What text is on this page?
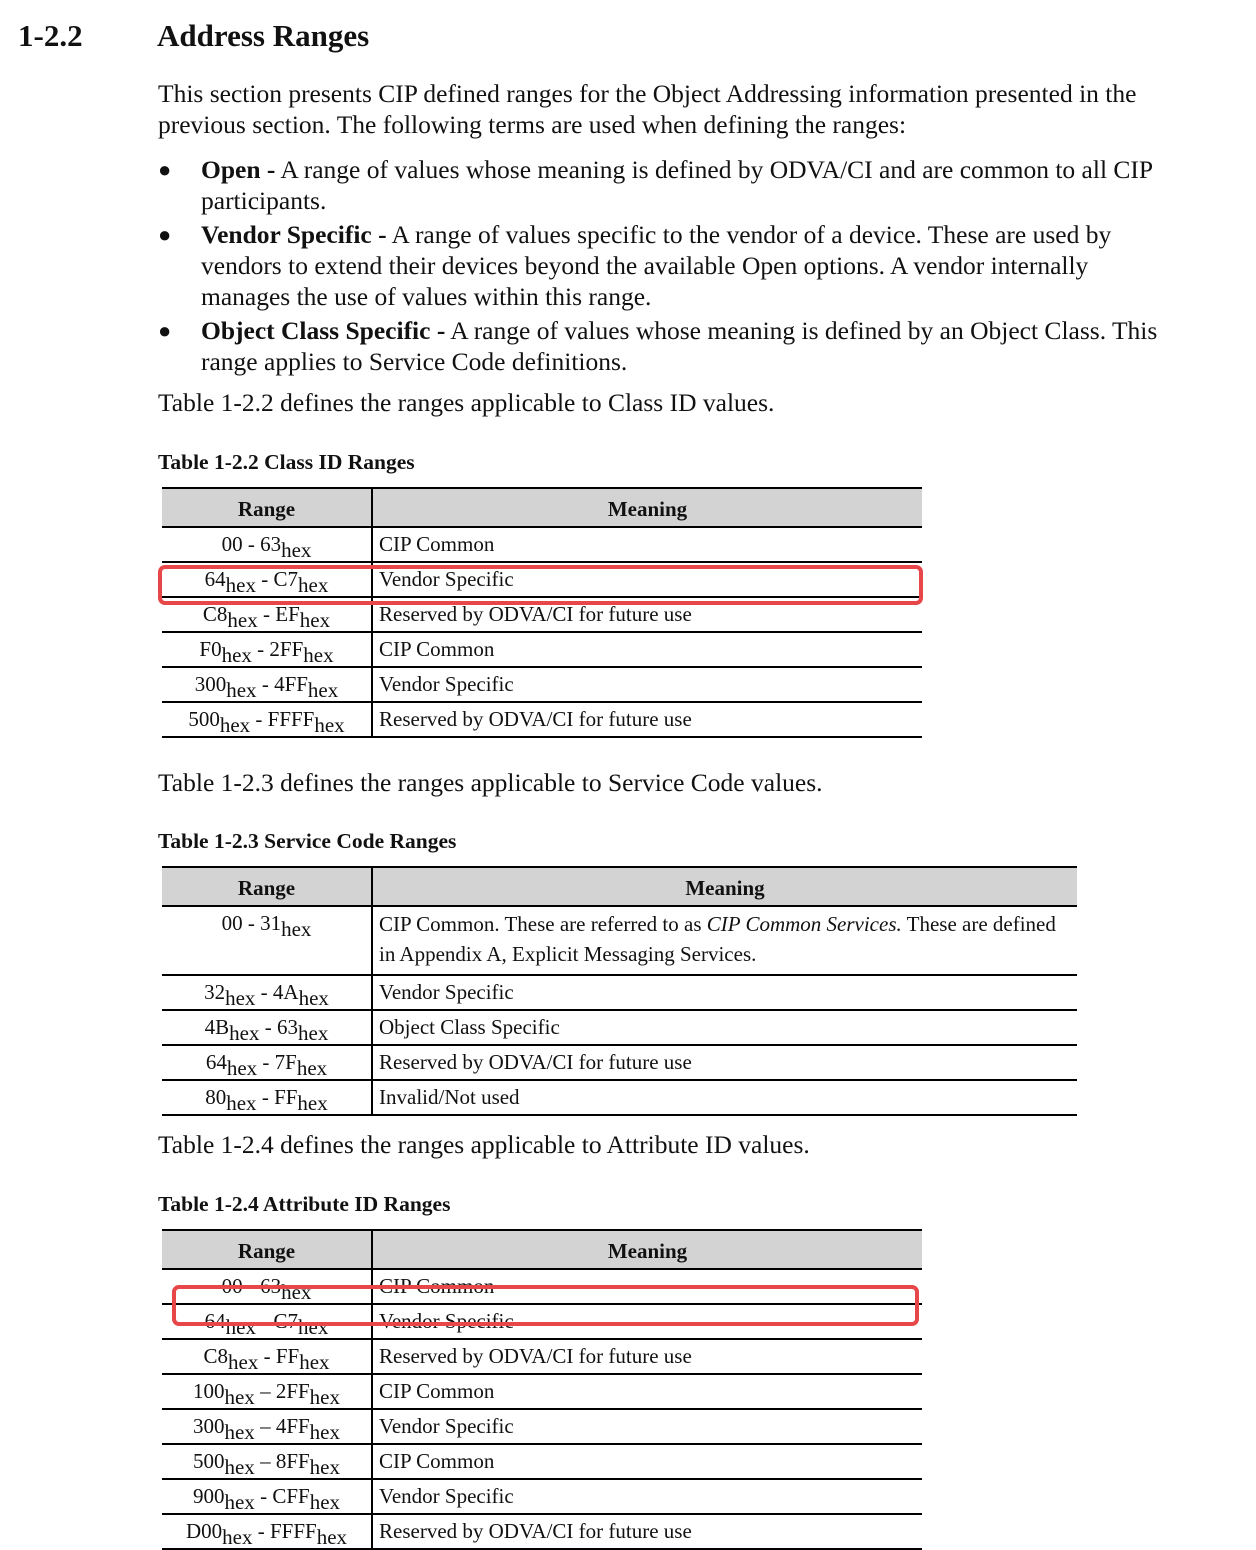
1-2.2 Address Ranges

This section presents CIP defined ranges for the Object Addressing information presented in the previous section. The following terms are used when defining the ranges:

● Open - A range of values whose meaning is defined by ODVA/CI and are common to all CIP participants.
● Vendor Specific - A range of values specific to the vendor of a device. These are used by vendors to extend their devices beyond the available Open options. A vendor internally manages the use of values within this range.
● Object Class Specific - A range of values whose meaning is defined by an Object Class. This range applies to Service Code definitions.

Table 1-2.2 defines the ranges applicable to Class ID values.

Table 1-2.2 Class ID Ranges

Range	Meaning
$00 - 63_{hex}$	CIP Common
$64_{hex} - C7_{hex}$	Vendor Specific
$C8_{hex} - EF_{hex}$	Reserved by ODVA/CI for future use
$F0_{hex} - 2FF_{hex}$	CIP Common
$300_{hex} - 4FF_{hex}$	Vendor Specific
$500_{hex}$ - $FFFF_{hex}$	Reserved by ODVA/CI for future use

Table 1-2.3 defines the ranges applicable to Service Code values.

Table 1-2.3 Service Code Ranges

Range	Meaning
$00 - 31_{hex}$	CIP Common. These are referred to as CIP Common Services. These are defined in Appendix A, Explicit Messaging Services.
$32_{hex} - 4A_{hex}$	Vendor Specific
$4B_{hex} - 63_{hex}$	Object Class Specific
$64_{hex} - 7F_{hex}$	Reserved by ODVA/CI for future use
$80_{hex} - FF_{hex}$	Invalid/Not used

Table 1-2.4 defines the ranges applicable to Attribute ID values.

Table 1-2.4 Attribute ID Ranges

Range	Meaning
$00 - 63_{hex}$	CIP Common
$64_{hex} - C7_{hex}$	Vendor Specific
$C8_{hex} - FF_{hex}$	Reserved by ODVA/CI for future use
$100_{hex} - 2FF_{hex}$	CIP Common
$300_{hex} - 4FF_{hex}$	Vendor Specific
$500_{hex} - 8FF_{hex}$	CIP Common
$900_{hex} - CFF_{hex}$	Vendor Specific
$D00_{hex}$ - $FFFF_{hex}$	Reserved by ODVA/CI for future use
